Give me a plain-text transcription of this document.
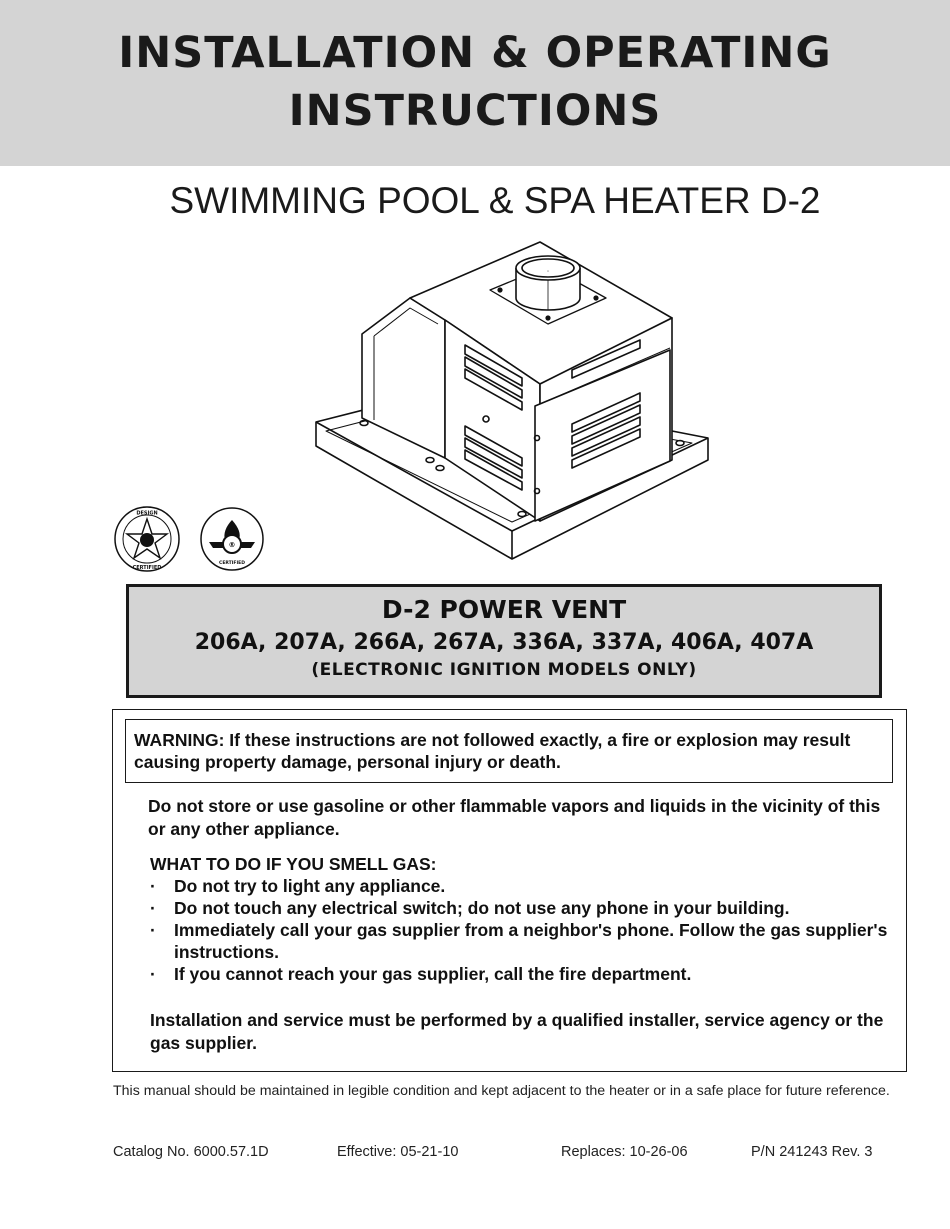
INSTALLATION & OPERATING
INSTRUCTIONS
SWIMMING POOL & SPA HEATER D-2
DESIGN
CERTIFIED
®
CERTIFIED
D-2 POWER VENT
206A, 207A, 266A, 267A, 336A, 337A, 406A, 407A
(ELECTRONIC IGNITION MODELS ONLY)
WARNING: If these instructions are not followed exactly, a fire or explosion may result causing property damage, personal injury or death.
Do not store or use gasoline or other flammable vapors and liquids in the vicinity of this or any other appliance.
WHAT TO DO IF YOU SMELL GAS:
· Do not try to light any appliance.
· Do not touch any electrical switch; do not use any phone in your building.
· Immediately call your gas supplier from a neighbor's phone. Follow the gas supplier's instructions.
· If you cannot reach your gas supplier, call the fire department.
Installation and service must be performed by a qualified installer, service agency or the gas supplier.
This manual should be maintained in legible condition and kept adjacent to the heater or in a safe place for future reference.
Catalog No. 6000.57.1D	Effective: 05-21-10	Replaces: 10-26-06	P/N 241243 Rev. 3
